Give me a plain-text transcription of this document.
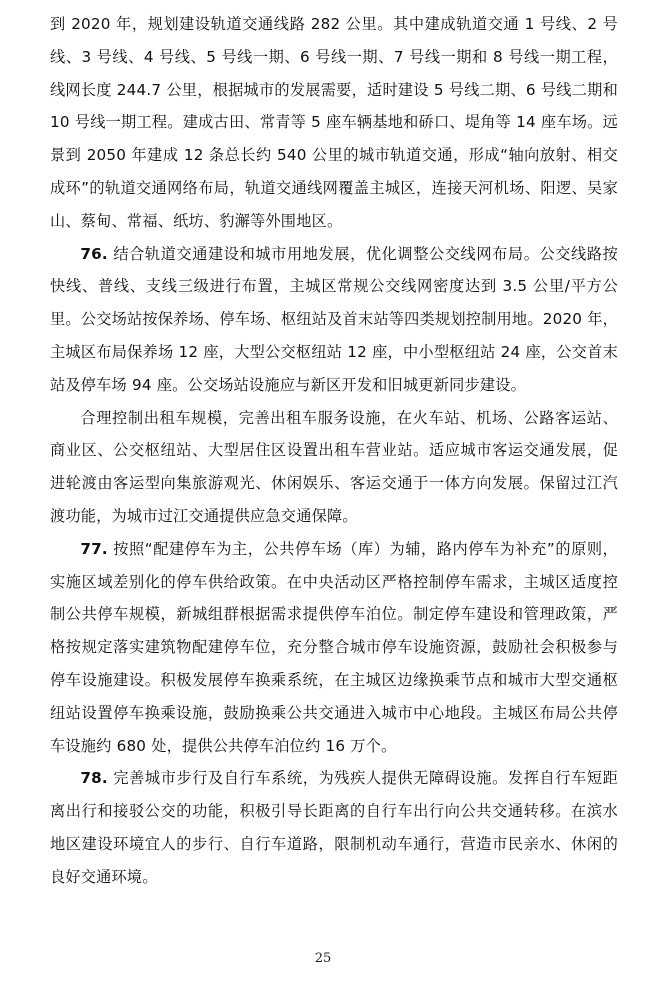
到 2020 年，规划建设轨道交通线路 282 公里。其中建成轨道交通 1 号线、2 号线、3 号线、4 号线、5 号线一期、6 号线一期、7 号线一期和 8 号线一期工程，线网长度 244.7 公里，根据城市的发展需要，适时建设 5 号线二期、6 号线二期和 10 号线一期工程。建成古田、常青等 5 座车辆基地和硚口、堤角等 14 座车场。远景到 2050 年建成 12 条总长约 540 公里的城市轨道交通，形成“轴向放射、相交成环”的轨道交通网络布局，轨道交通线网覆盖主城区，连接天河机场、阳逻、吴家山、蔡甸、常福、纸坊、豹澥等外围地区。

76. 结合轨道交通建设和城市用地发展，优化调整公交线网布局。公交线路按快线、普线、支线三级进行布置，主城区常规公交线网密度达到 3.5 公里/平方公里。公交场站按保养场、停车场、枢纽站及首末站等四类规划控制用地。2020 年，主城区布局保养场 12 座，大型公交枢纽站 12 座，中小型枢纽站 24 座，公交首末站及停车场 94 座。公交场站设施应与新区开发和旧城更新同步建设。

合理控制出租车规模，完善出租车服务设施，在火车站、机场、公路客运站、商业区、公交枢纽站、大型居住区设置出租车营业站。适应城市客运交通发展，促进轮渡由客运型向集旅游观光、休闲娱乐、客运交通于一体方向发展。保留过江汽渡功能，为城市过江交通提供应急交通保障。

77. 按照“配建停车为主，公共停车场（库）为辅，路内停车为补充”的原则，实施区域差别化的停车供给政策。在中央活动区严格控制停车需求，主城区适度控制公共停车规模，新城组群根据需求提供停车泊位。制定停车建设和管理政策，严格按规定落实建筑物配建停车位，充分整合城市停车设施资源，鼓励社会积极参与停车设施建设。积极发展停车换乘系统，在主城区边缘换乘节点和城市大型交通枢纽站设置停车换乘设施，鼓励换乘公共交通进入城市中心地段。主城区布局公共停车设施约 680 处，提供公共停车泊位约 16 万个。

78. 完善城市步行及自行车系统，为残疾人提供无障碍设施。发挥自行车短距离出行和接驳公交的功能，积极引导长距离的自行车出行向公共交通转移。在滨水地区建设环境宜人的步行、自行车道路，限制机动车通行，营造市民亲水、休闲的良好交通环境。

25
